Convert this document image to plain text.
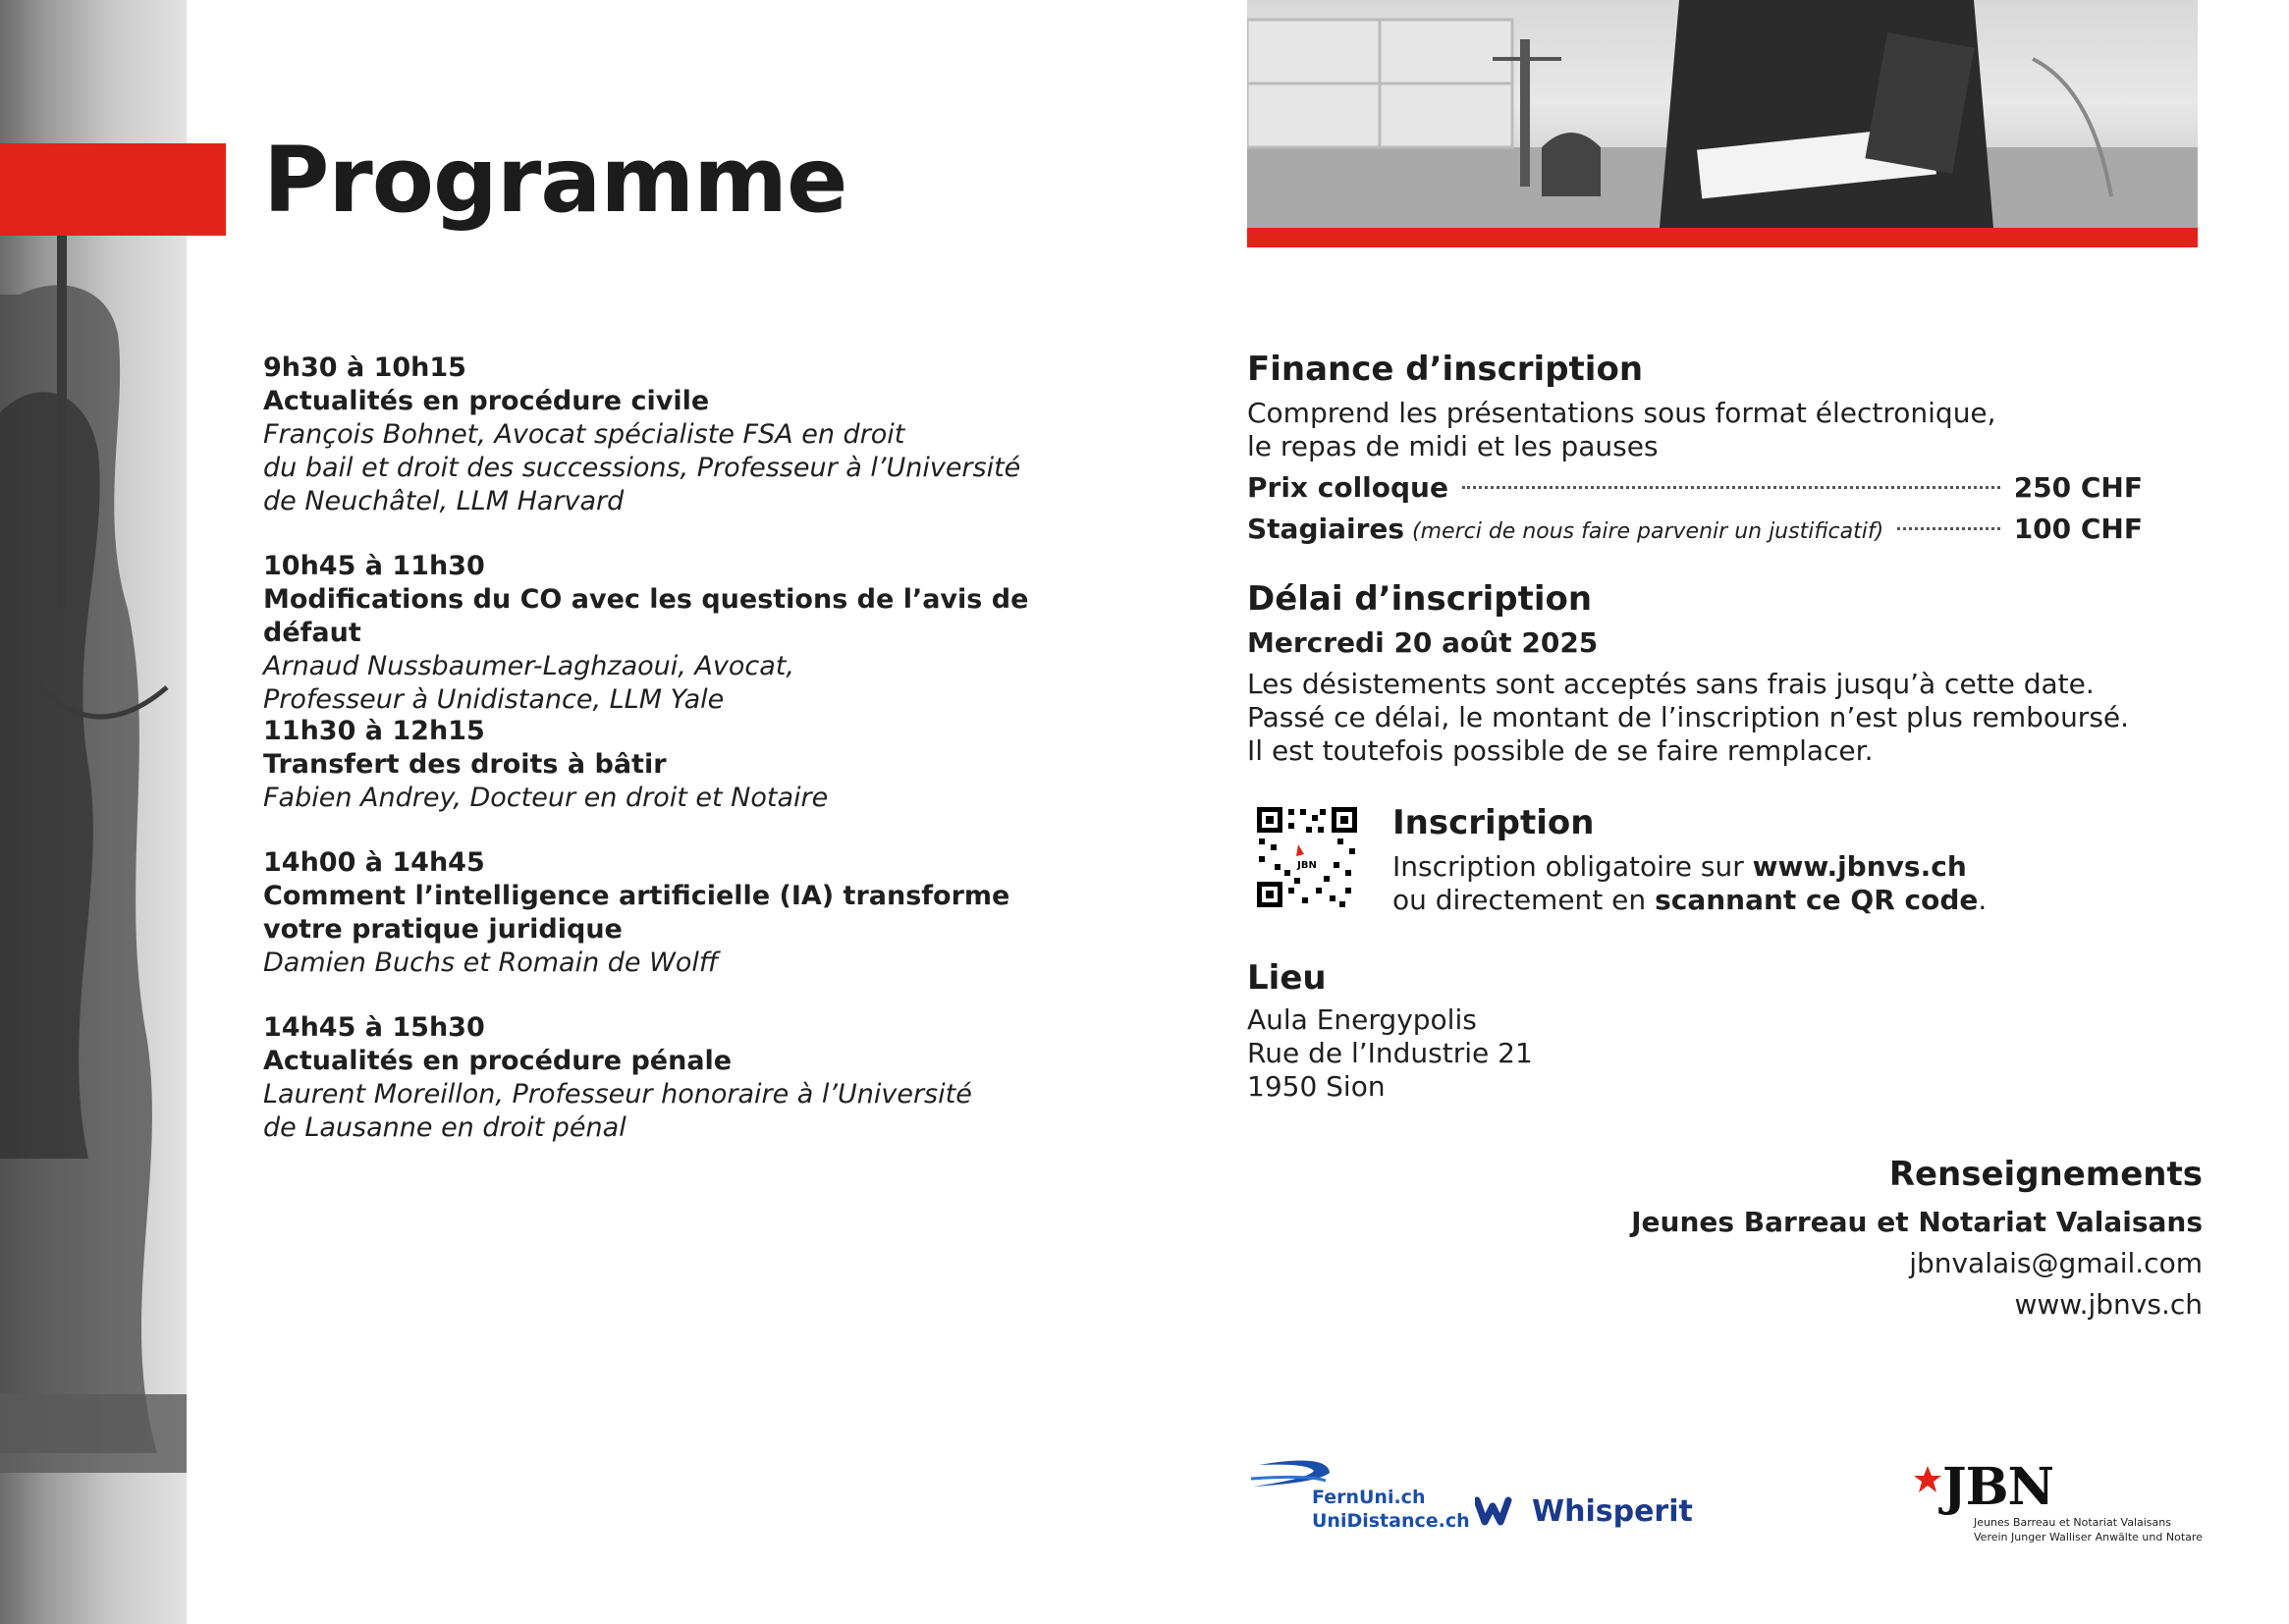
Programme
9h30 à 10h15
Actualités en procédure civile
François Bohnet, Avocat spécialiste FSA en droit
du bail et droit des successions, Professeur à l’Université
de Neuchâtel, LLM Harvard
10h45 à 11h30
Modifications du CO avec les questions de l’avis de défaut
Arnaud Nussbaumer-Laghzaoui, Avocat,
Professeur à Unidistance, LLM Yale
11h30 à 12h15
Transfert des droits à bâtir
Fabien Andrey, Docteur en droit et Notaire
14h00 à 14h45
Comment l’intelligence artificielle (IA) transforme
votre pratique juridique
Damien Buchs et Romain de Wolff
14h45 à 15h30
Actualités en procédure pénale
Laurent Moreillon, Professeur honoraire à l’Université
de Lausanne en droit pénal
Finance d’inscription
Comprend les présentations sous format électronique,
le repas de midi et les pauses
Prix colloque	250 CHF
Stagiaires (merci de nous faire parvenir un justificatif)	100 CHF
Délai d’inscription
Mercredi 20 août 2025
Les désistements sont acceptés sans frais jusqu’à cette date.
Passé ce délai, le montant de l’inscription n’est plus remboursé.
Il est toutefois possible de se faire remplacer.
JBN
Inscription
Inscription obligatoire sur www.jbnvs.ch
ou directement en scannant ce QR code.
Lieu
Aula Energypolis
Rue de l’Industrie 21
1950 Sion
Renseignements
Jeunes Barreau et Notariat Valaisans
jbnvalais@gmail.com
www.jbnvs.ch
FernUni.ch
UniDistance.ch Whisperit	JBN
Jeunes Barreau et Notariat Valaisans
Verein Junger Walliser Anwälte und Notare
